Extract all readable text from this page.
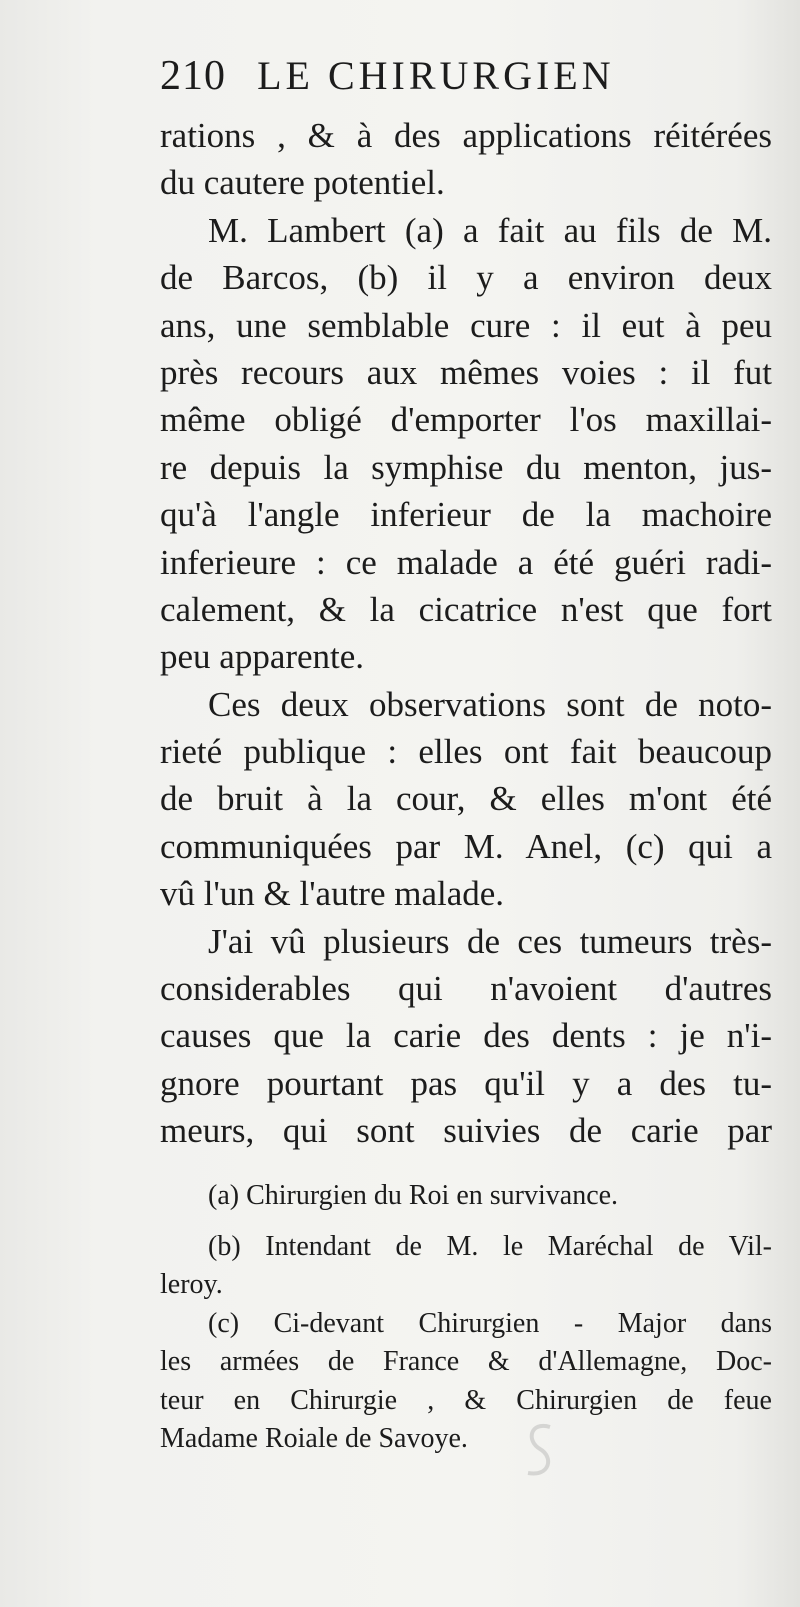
210 LE CHIRURGIEN
rations , & à des applications réitérées
du cautere potentiel.
M. Lambert (a) a fait au fils de M.
de Barcos, (b) il y a environ deux
ans, une semblable cure : il eut à peu
près recours aux mêmes voies : il fut
même obligé d'emporter l'os maxillai-
re depuis la symphise du menton, jus-
qu'à l'angle inferieur de la machoire
inferieure : ce malade a été guéri radi-
calement, & la cicatrice n'est que fort
peu apparente.
Ces deux observations sont de noto-
rieté publique : elles ont fait beaucoup
de bruit à la cour, & elles m'ont été
communiquées par M. Anel, (c) qui a
vû l'un & l'autre malade.
J'ai vû plusieurs de ces tumeurs très-
considerables qui n'avoient d'autres
causes que la carie des dents : je n'i-
gnore pourtant pas qu'il y a des tu-
meurs, qui sont suivies de carie par
(a) Chirurgien du Roi en survivance.
(b) Intendant de M. le Maréchal de Vil-
leroy.
(c) Ci-devant Chirurgien - Major dans
les armées de France & d'Allemagne, Doc-
teur en Chirurgie , & Chirurgien de feue
Madame Roiale de Savoye.
